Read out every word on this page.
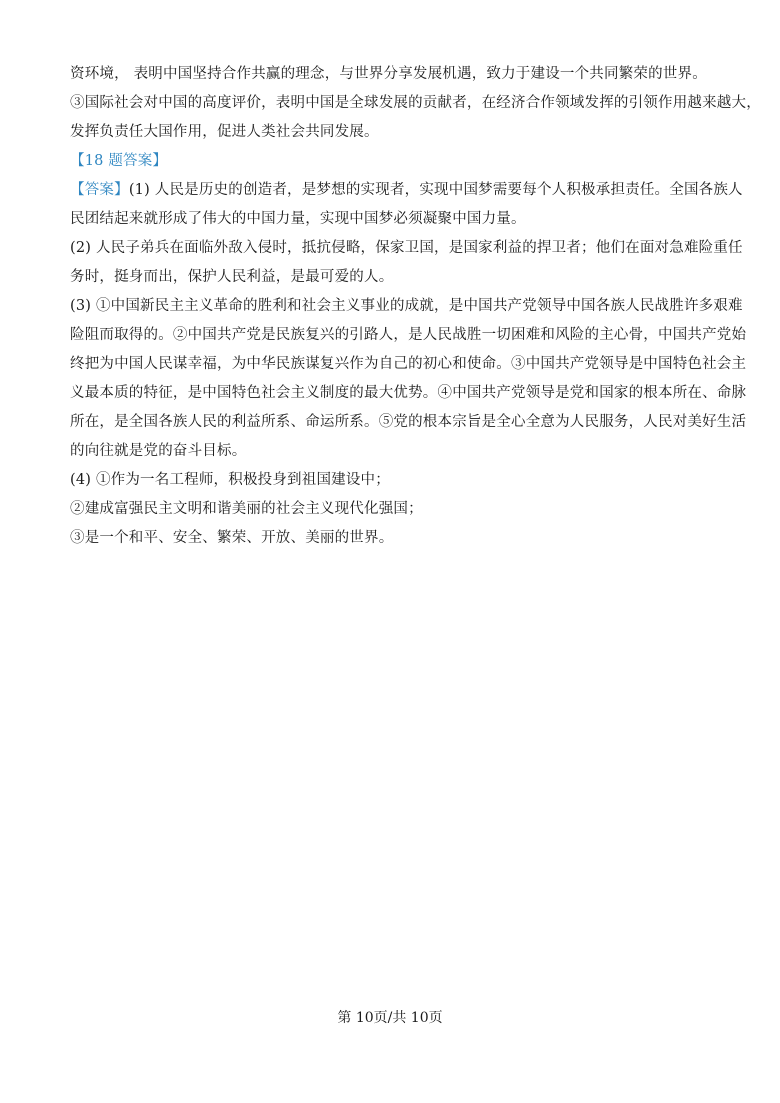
资环境， 表明中国坚持合作共赢的理念，与世界分享发展机遇，致力于建设一个共同繁荣的世界。
③国际社会对中国的高度评价，表明中国是全球发展的贡献者，在经济合作领域发挥的引领作用越来越大，
发挥负责任大国作用，促进人类社会共同发展。
【18 题答案】
【答案】(1) 人民是历史的创造者，是梦想的实现者，实现中国梦需要每个人积极承担责任。全国各族人
民团结起来就形成了伟大的中国力量，实现中国梦必须凝聚中国力量。
(2) 人民子弟兵在面临外敌入侵时，抵抗侵略，保家卫国，是国家利益的捍卫者；他们在面对急难险重任
务时，挺身而出，保护人民利益，是最可爱的人。
(3) ①中国新民主主义革命的胜利和社会主义事业的成就，是中国共产党领导中国各族人民战胜许多艰难
险阻而取得的。②中国共产党是民族复兴的引路人，是人民战胜一切困难和风险的主心骨，中国共产党始
终把为中国人民谋幸福，为中华民族谋复兴作为自己的初心和使命。③中国共产党领导是中国特色社会主
义最本质的特征，是中国特色社会主义制度的最大优势。④中国共产党领导是党和国家的根本所在、命脉
所在，是全国各族人民的利益所系、命运所系。⑤党的根本宗旨是全心全意为人民服务，人民对美好生活
的向往就是党的奋斗目标。
(4) ①作为一名工程师，积极投身到祖国建设中；
②建成富强民主文明和谐美丽的社会主义现代化强国；
③是一个和平、安全、繁荣、开放、美丽的世界。
第 10页/共 10页
